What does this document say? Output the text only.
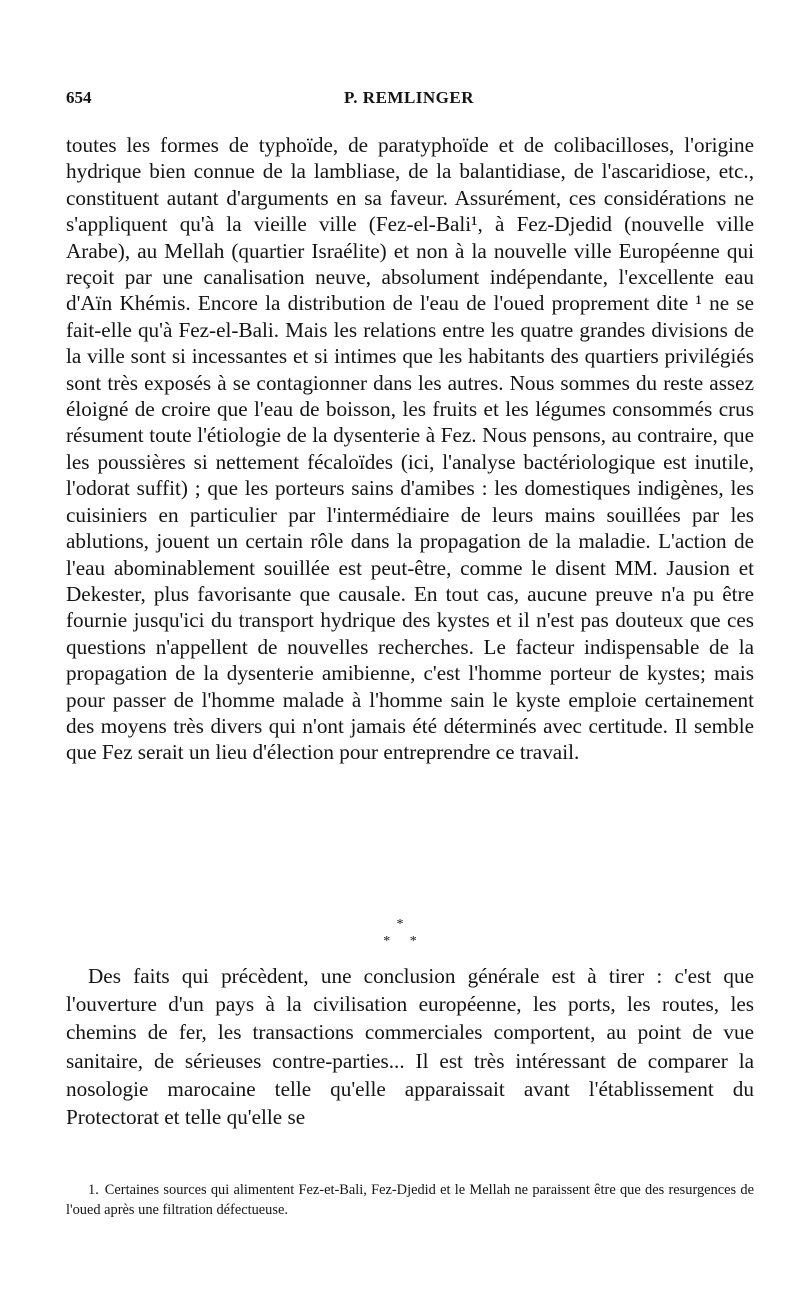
654	P. REMLINGER

toutes les formes de typhoïde, de paratyphoïde et de colibacilloses, l'origine hydrique bien connue de la lambliase, de la balantidiase, de l'ascaridiose, etc., constituent autant d'arguments en sa faveur. Assurément, ces considérations ne s'appliquent qu'à la vieille ville (Fez-el-Bali¹, à Fez-Djedid (nouvelle ville Arabe), au Mellah (quartier Israélite) et non à la nouvelle ville Européenne qui reçoit par une canalisation neuve, absolument indépendante, l'excellente eau d'Aïn Khémis. Encore la distribution de l'eau de l'oued proprement dite ¹ ne se fait-elle qu'à Fez-el-Bali. Mais les relations entre les quatre grandes divisions de la ville sont si incessantes et si intimes que les habitants des quartiers privilégiés sont très exposés à se contagionner dans les autres. Nous sommes du reste assez éloigné de croire que l'eau de boisson, les fruits et les légumes consommés crus résument toute l'étiologie de la dysenterie à Fez. Nous pensons, au contraire, que les poussières si nettement fécaloïdes (ici, l'analyse bactériologique est inutile, l'odorat suffit) ; que les porteurs sains d'amibes : les domestiques indigènes, les cuisiniers en particulier par l'intermédiaire de leurs mains souillées par les ablutions, jouent un certain rôle dans la propagation de la maladie. L'action de l'eau abominablement souillée est peut-être, comme le disent MM. Jausion et Dekester, plus favorisante que causale. En tout cas, aucune preuve n'a pu être fournie jusqu'ici du transport hydrique des kystes et il n'est pas douteux que ces questions n'appellent de nouvelles recherches. Le facteur indispensable de la propagation de la dysenterie amibienne, c'est l'homme porteur de kystes; mais pour passer de l'homme malade à l'homme sain le kyste emploie certainement des moyens très divers qui n'ont jamais été déterminés avec certitude. Il semble que Fez serait un lieu d'élection pour entreprendre ce travail.

*
* *

Des faits qui précèdent, une conclusion générale est à tirer : c'est que l'ouverture d'un pays à la civilisation européenne, les ports, les routes, les chemins de fer, les transactions commerciales comportent, au point de vue sanitaire, de sérieuses contre-parties... Il est très intéressant de comparer la nosologie marocaine telle qu'elle apparaissait avant l'établissement du Protectorat et telle qu'elle se

1. Certaines sources qui alimentent Fez-et-Bali, Fez-Djedid et le Mellah ne paraissent être que des resurgences de l'oued après une filtration défectueuse.
